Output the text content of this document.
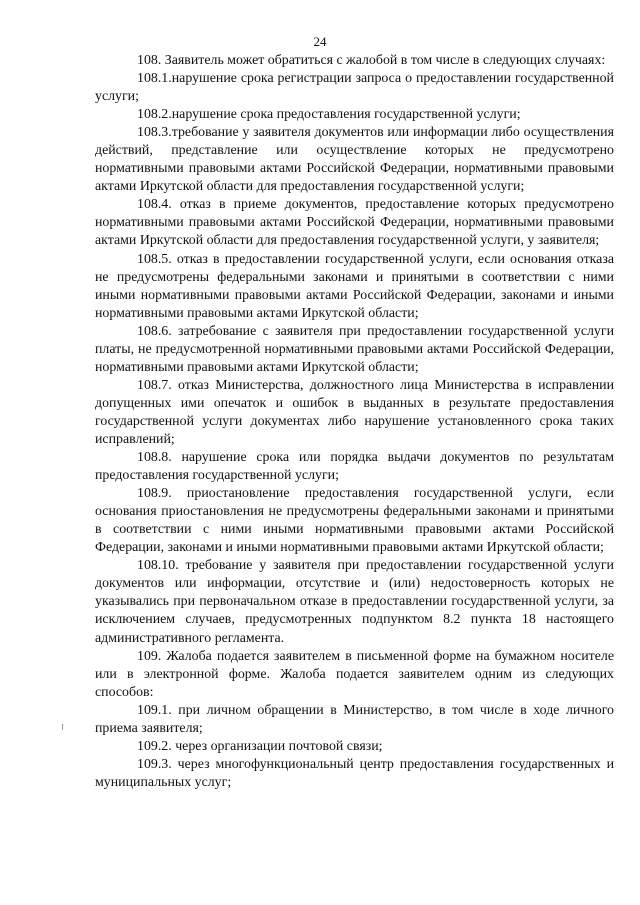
24

108. Заявитель может обратиться с жалобой в том числе в следующих случаях:

108.1.нарушение срока регистрации запроса о предоставлении государственной услуги;

108.2.нарушение срока предоставления государственной услуги;

108.3.требование у заявителя документов или информации либо осуществления действий, представление или осуществление которых не предусмотрено нормативными правовыми актами Российской Федерации, нормативными правовыми актами Иркутской области для предоставления государственной услуги;

108.4. отказ в приеме документов, предоставление которых предусмотрено нормативными правовыми актами Российской Федерации, нормативными правовыми актами Иркутской области для предоставления государственной услуги, у заявителя;

108.5. отказ в предоставлении государственной услуги, если основания отказа не предусмотрены федеральными законами и принятыми в соответствии с ними иными нормативными правовыми актами Российской Федерации, законами и иными нормативными правовыми актами Иркутской области;

108.6. затребование с заявителя при предоставлении государственной услуги платы, не предусмотренной нормативными правовыми актами Российской Федерации, нормативными правовыми актами Иркутской области;

108.7. отказ Министерства, должностного лица Министерства в исправлении допущенных ими опечаток и ошибок в выданных в результате предоставления государственной услуги документах либо нарушение установленного срока таких исправлений;

108.8. нарушение срока или порядка выдачи документов по результатам предоставления государственной услуги;

108.9. приостановление предоставления государственной услуги, если основания приостановления не предусмотрены федеральными законами и принятыми в соответствии с ними иными нормативными правовыми актами Российской Федерации, законами и иными нормативными правовыми актами Иркутской области;

108.10. требование у заявителя при предоставлении государственной услуги документов или информации, отсутствие и (или) недостоверность которых не указывались при первоначальном отказе в предоставлении государственной услуги, за исключением случаев, предусмотренных подпунктом 8.2 пункта 18 настоящего административного регламента.

109. Жалоба подается заявителем в письменной форме на бумажном носителе или в электронной форме. Жалоба подается заявителем одним из следующих способов:

109.1. при личном обращении в Министерство, в том числе в ходе личного приема заявителя;

109.2. через организации почтовой связи;

109.3. через многофункциональный центр предоставления государственных и муниципальных услуг;
